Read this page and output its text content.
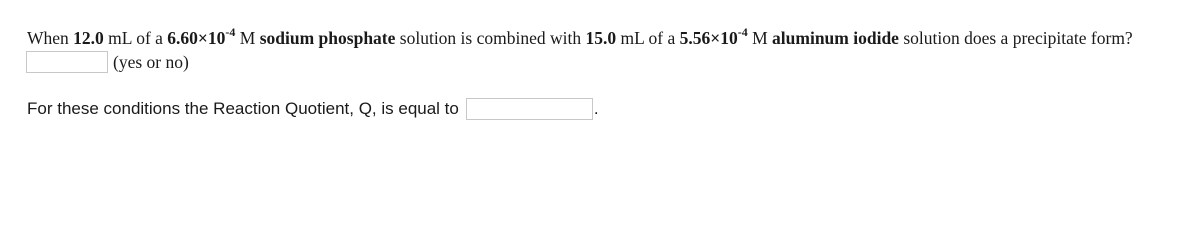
When 12.0 mL of a $6.60\times 10^{-4}$ M sodium phosphate solution is combined with 15.0 mL of a $5.56\times 10^{-4}$ M aluminum iodide solution does a precipitate form?
(yes or no)
For these conditions the Reaction Quotient, Q, is equal to	.
